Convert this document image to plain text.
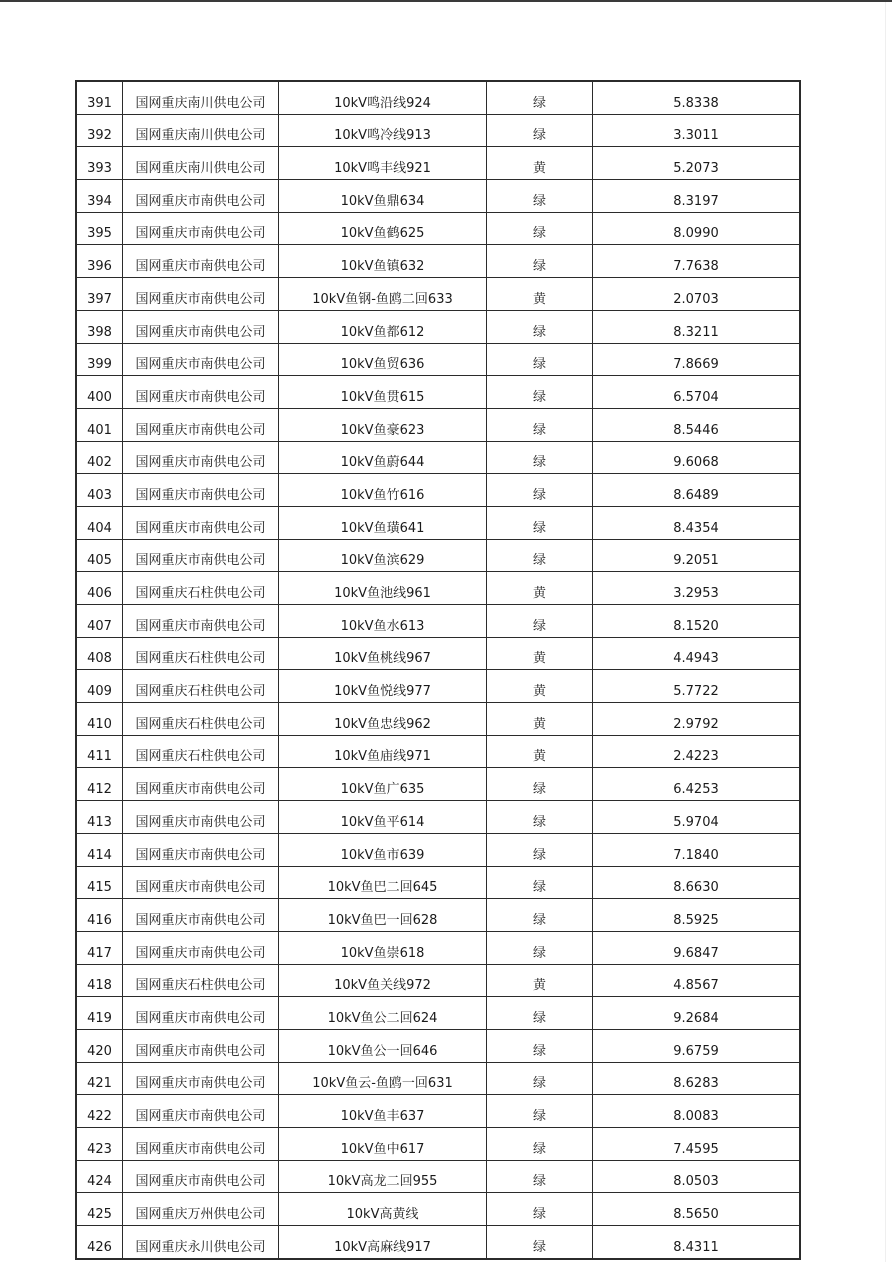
391	国网重庆南川供电公司	10kV鸣沿线924	绿	5.8338
392	国网重庆南川供电公司	10kV鸣冷线913	绿	3.3011
393	国网重庆南川供电公司	10kV鸣丰线921	黄	5.2073
394	国网重庆市南供电公司	10kV鱼鼎634	绿	8.3197
395	国网重庆市南供电公司	10kV鱼鹤625	绿	8.0990
396	国网重庆市南供电公司	10kV鱼镇632	绿	7.7638
397	国网重庆市南供电公司	10kV鱼钢-鱼鸥二回633	黄	2.0703
398	国网重庆市南供电公司	10kV鱼都612	绿	8.3211
399	国网重庆市南供电公司	10kV鱼贸636	绿	7.8669
400	国网重庆市南供电公司	10kV鱼贯615	绿	6.5704
401	国网重庆市南供电公司	10kV鱼豪623	绿	8.5446
402	国网重庆市南供电公司	10kV鱼蔚644	绿	9.6068
403	国网重庆市南供电公司	10kV鱼竹616	绿	8.6489
404	国网重庆市南供电公司	10kV鱼璜641	绿	8.4354
405	国网重庆市南供电公司	10kV鱼滨629	绿	9.2051
406	国网重庆石柱供电公司	10kV鱼池线961	黄	3.2953
407	国网重庆市南供电公司	10kV鱼水613	绿	8.1520
408	国网重庆石柱供电公司	10kV鱼桃线967	黄	4.4943
409	国网重庆石柱供电公司	10kV鱼悦线977	黄	5.7722
410	国网重庆石柱供电公司	10kV鱼忠线962	黄	2.9792
411	国网重庆石柱供电公司	10kV鱼庙线971	黄	2.4223
412	国网重庆市南供电公司	10kV鱼广635	绿	6.4253
413	国网重庆市南供电公司	10kV鱼平614	绿	5.9704
414	国网重庆市南供电公司	10kV鱼市639	绿	7.1840
415	国网重庆市南供电公司	10kV鱼巴二回645	绿	8.6630
416	国网重庆市南供电公司	10kV鱼巴一回628	绿	8.5925
417	国网重庆市南供电公司	10kV鱼崇618	绿	9.6847
418	国网重庆石柱供电公司	10kV鱼关线972	黄	4.8567
419	国网重庆市南供电公司	10kV鱼公二回624	绿	9.2684
420	国网重庆市南供电公司	10kV鱼公一回646	绿	9.6759
421	国网重庆市南供电公司	10kV鱼云-鱼鸥一回631	绿	8.6283
422	国网重庆市南供电公司	10kV鱼丰637	绿	8.0083
423	国网重庆市南供电公司	10kV鱼中617	绿	7.4595
424	国网重庆市南供电公司	10kV高龙二回955	绿	8.0503
425	国网重庆万州供电公司	10kV高黄线	绿	8.5650
426	国网重庆永川供电公司	10kV高麻线917	绿	8.4311
